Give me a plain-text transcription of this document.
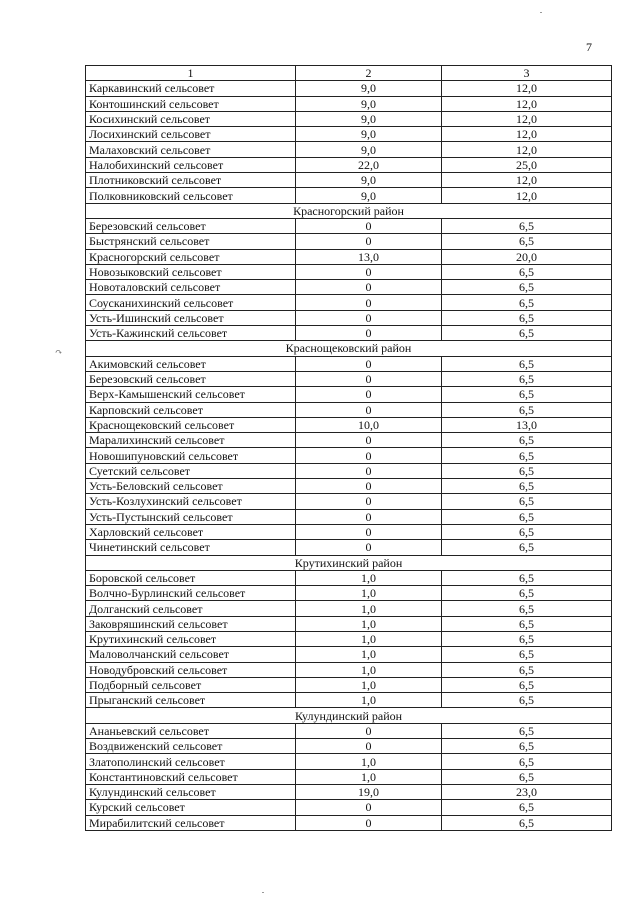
7
↷
1	2	3
Каркавинский сельсовет	9,0	12,0
Контошинский сельсовет	9,0	12,0
Косихинский сельсовет	9,0	12,0
Лосихинский сельсовет	9,0	12,0
Малаховский сельсовет	9,0	12,0
Налобихинский сельсовет	22,0	25,0
Плотниковский сельсовет	9,0	12,0
Полковниковский сельсовет	9,0	12,0
Красногорский район		
Березовский сельсовет	0	6,5
Быстрянский сельсовет	0	6,5
Красногорский сельсовет	13,0	20,0
Новозыковский сельсовет	0	6,5
Новоталовский сельсовет	0	6,5
Соусканихинский сельсовет	0	6,5
Усть-Ишинский сельсовет	0	6,5
Усть-Кажинский сельсовет	0	6,5
Краснощековский район		
Акимовский сельсовет	0	6,5
Березовский сельсовет	0	6,5
Верх-Камышенский сельсовет	0	6,5
Карповский сельсовет	0	6,5
Краснощековский сельсовет	10,0	13,0
Маралихинский сельсовет	0	6,5
Новошипуновский сельсовет	0	6,5
Суетский сельсовет	0	6,5
Усть-Беловский сельсовет	0	6,5
Усть-Козлухинский сельсовет	0	6,5
Усть-Пустынский сельсовет	0	6,5
Харловский сельсовет	0	6,5
Чинетинский сельсовет	0	6,5
Крутихинский район		
Боровской сельсовет	1,0	6,5
Волчно-Бурлинский сельсовет	1,0	6,5
Долганский сельсовет	1,0	6,5
Заковряшинский сельсовет	1,0	6,5
Крутихинский сельсовет	1,0	6,5
Маловолчанский сельсовет	1,0	6,5
Новодубровский сельсовет	1,0	6,5
Подборный сельсовет	1,0	6,5
Прыганский сельсовет	1,0	6,5
Кулундинский район		
Ананьевский сельсовет	0	6,5
Воздвиженский сельсовет	0	6,5
Златополинский сельсовет	1,0	6,5
Константиновский сельсовет	1,0	6,5
Кулундинский сельсовет	19,0	23,0
Курский сельсовет	0	6,5
Мирабилитский сельсовет	0	6,5
